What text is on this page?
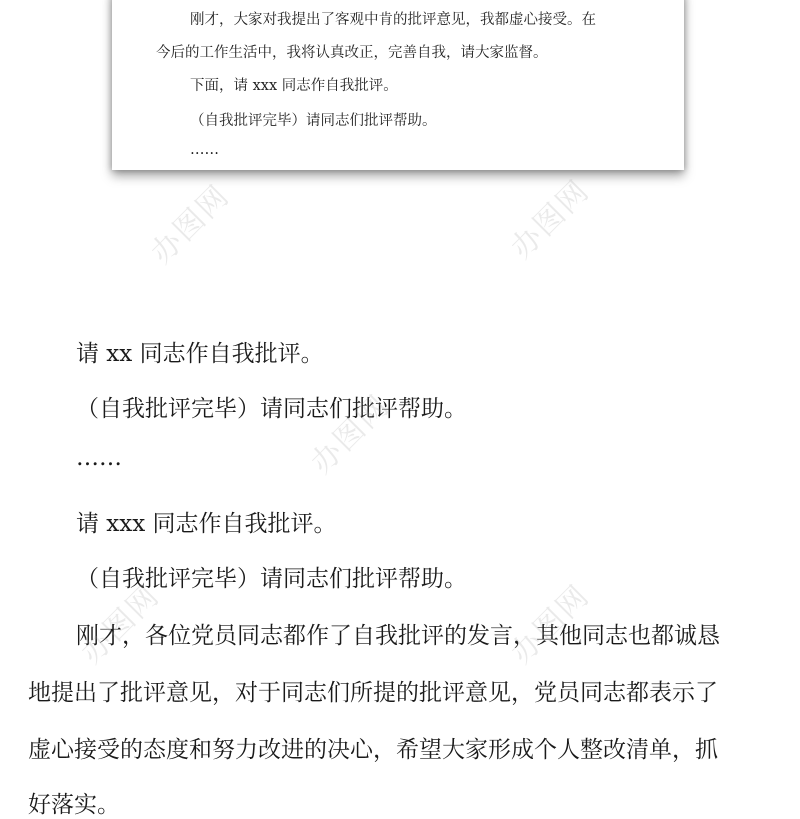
刚才，大家对我提出了客观中肯的批评意见，我都虚心接受。在

今后的工作生活中，我将认真改正，完善自我，请大家监督。

下面，请 xxx 同志作自我批评。

（自我批评完毕）请同志们批评帮助。

……

请 xx 同志作自我批评。

（自我批评完毕）请同志们批评帮助。

……

请 xxx 同志作自我批评。

（自我批评完毕）请同志们批评帮助。

刚才，各位党员同志都作了自我批评的发言，其他同志也都诚恳

地提出了批评意见，对于同志们所提的批评意见，党员同志都表示了

虚心接受的态度和努力改进的决心，希望大家形成个人整改清单，抓

好落实。

办图网	办图网
办图网
办图网
办图网
